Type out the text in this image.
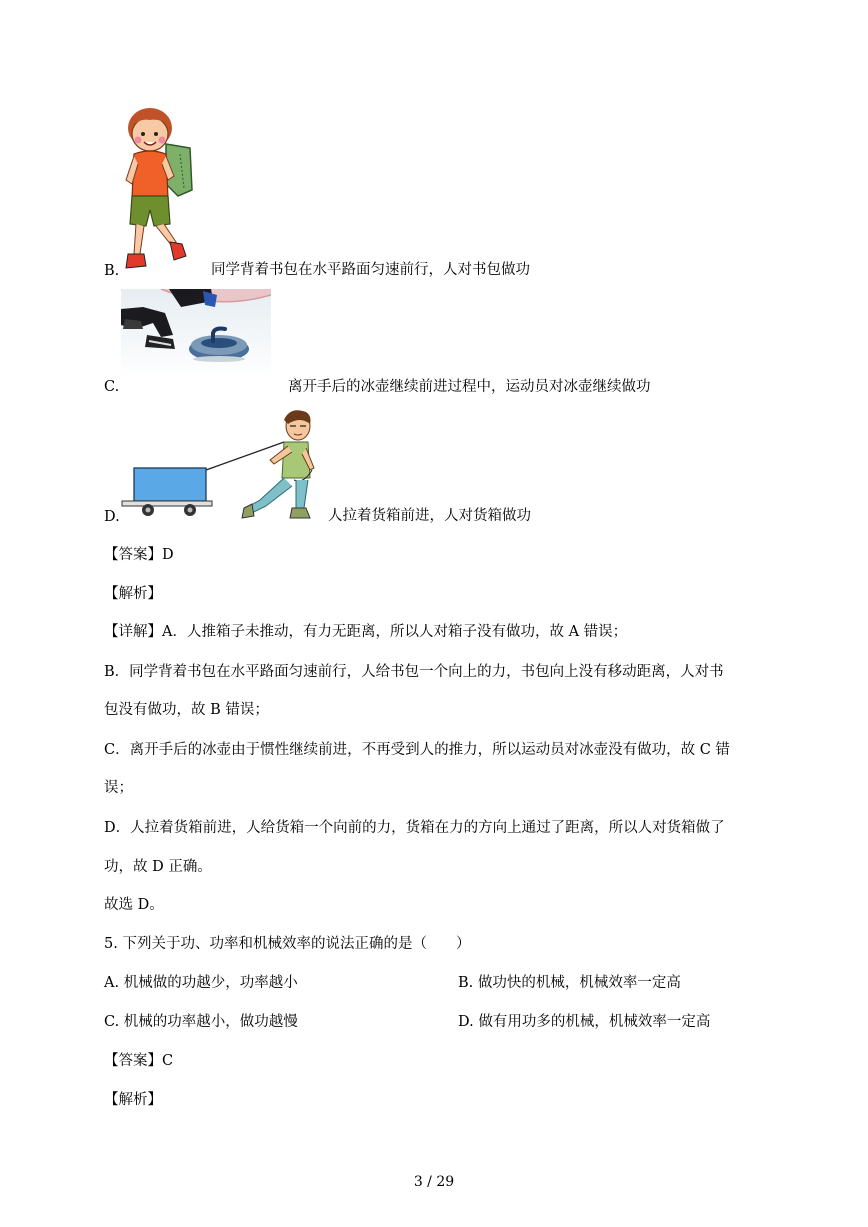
B.	同学背着书包在水平路面匀速前行，人对书包做功
C.	离开手后的冰壶继续前进过程中，运动员对冰壶继续做功
D.	人拉着货箱前进，人对货箱做功
【答案】D
【解析】
【详解】A．人推箱子未推动，有力无距离，所以人对箱子没有做功，故 A 错误；
B．同学背着书包在水平路面匀速前行，人给书包一个向上的力，书包向上没有移动距离，人对书
包没有做功，故 B 错误；
C．离开手后的冰壶由于惯性继续前进，不再受到人的推力，所以运动员对冰壶没有做功，故 C 错
误；
D．人拉着货箱前进，人给货箱一个向前的力，货箱在力的方向上通过了距离，所以人对货箱做了
功，故 D 正确。
故选 D。
5. 下列关于功、功率和机械效率的说法正确的是（　　）
A. 机械做的功越少，功率越小	B. 做功快的机械，机械效率一定高
C. 机械的功率越小，做功越慢	D. 做有用功多的机械，机械效率一定高
【答案】C
【解析】
3 / 29
